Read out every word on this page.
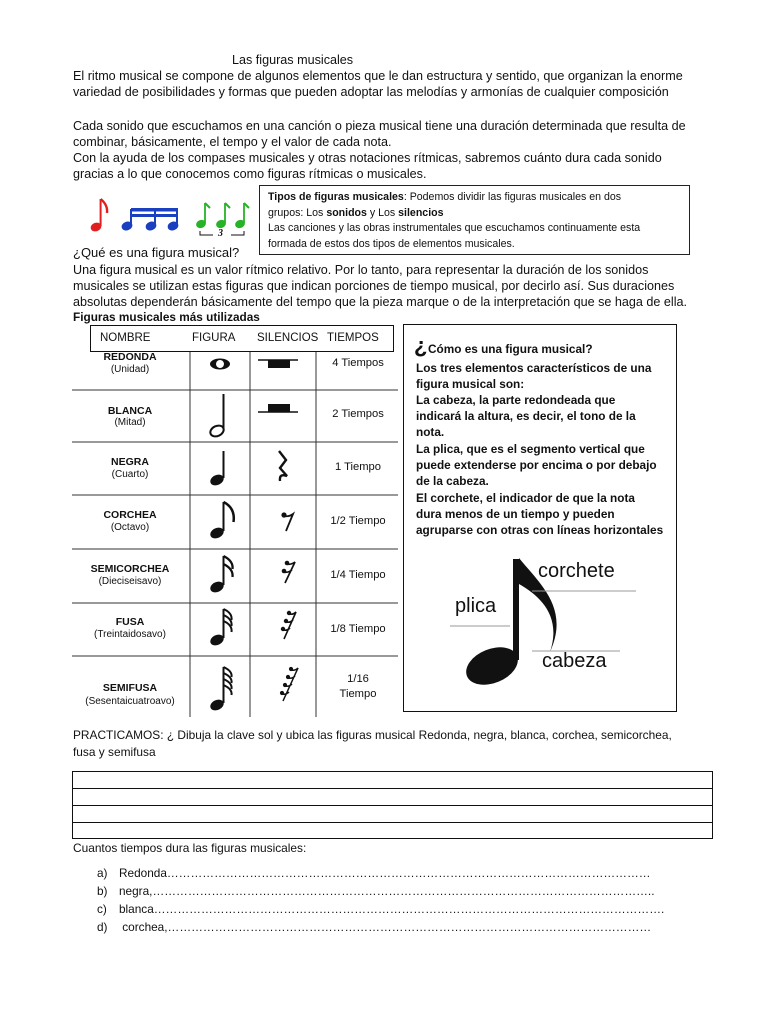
Las figuras musicales
El ritmo musical se compone de algunos elementos que le dan estructura y sentido, que organizan la enorme
variedad de posibilidades y formas que pueden adoptar las melodías y armonías de cualquier composición
Cada sonido que escuchamos en una canción o pieza musical tiene una duración determinada que resulta de
combinar, básicamente, el tempo y el valor de cada nota.
Con la ayuda de los compases musicales y otras notaciones rítmicas, sabremos cuánto dura cada sonido
gracias a lo que conocemos como figuras rítmicas o musicales.
3
Tipos de figuras musicales: Podemos dividir las figuras musicales en dos
grupos: Los sonidos y Los silencios
Las canciones y las obras instrumentales que escuchamos continuamente esta
formada de estos dos tipos de elementos musicales.
¿Qué es una figura musical?
Una figura musical es un valor rítmico relativo. Por lo tanto, para representar la duración de los sonidos
musicales se utilizan estas figuras que indican porciones de tiempo musical, por decirlo así. Sus duraciones
absolutas dependerán básicamente del tempo que la pieza marque o de la interpretación que se haga de ella.
Figuras musicales más utilizadas
NOMBRE	FIGURA SILENCIOS TIEMPOS
REDONDA
(Unidad)
4 Tiempos
BLANCA
(Mitad)
2 Tiempos
NEGRA
(Cuarto)
1 Tiempo
CORCHEA
(Octavo)
1/2 Tiempo
SEMICORCHEA
(Dieciseisavo)
1/4 Tiempo
FUSA
(Treintaidosavo)	1/8 Tiempo
SEMIFUSA
(Sesentaicuatroavo)
1/16
Tiempo
¿ Cómo es una figura musical?
Los tres elementos característicos de una
figura musical son:
La cabeza, la parte redondeada que
indicará la altura, es decir, el tono de la
nota.
La plica, que es el segmento vertical que
puede extenderse por encima o por debajo
de la cabeza.
El corchete, el indicador de que la nota
dura menos de un tiempo y pueden
agruparse con otras con líneas horizontales
corchete
plica
cabeza
PRACTICAMOS: ¿ Dibuja la clave sol y ubica las figuras musical Redonda, negra, blanca, corchea, semicorchea,
fusa y semifusa
Cuantos tiempos dura las figuras musicales:
a) Redonda……………………………………………………………………………………………………………
b) negra,………………………………………………………………………………………………………………..
c) blanca………………………………………………………………………………………………………………….
d) corchea,……………………………………………………………………………………………………………
